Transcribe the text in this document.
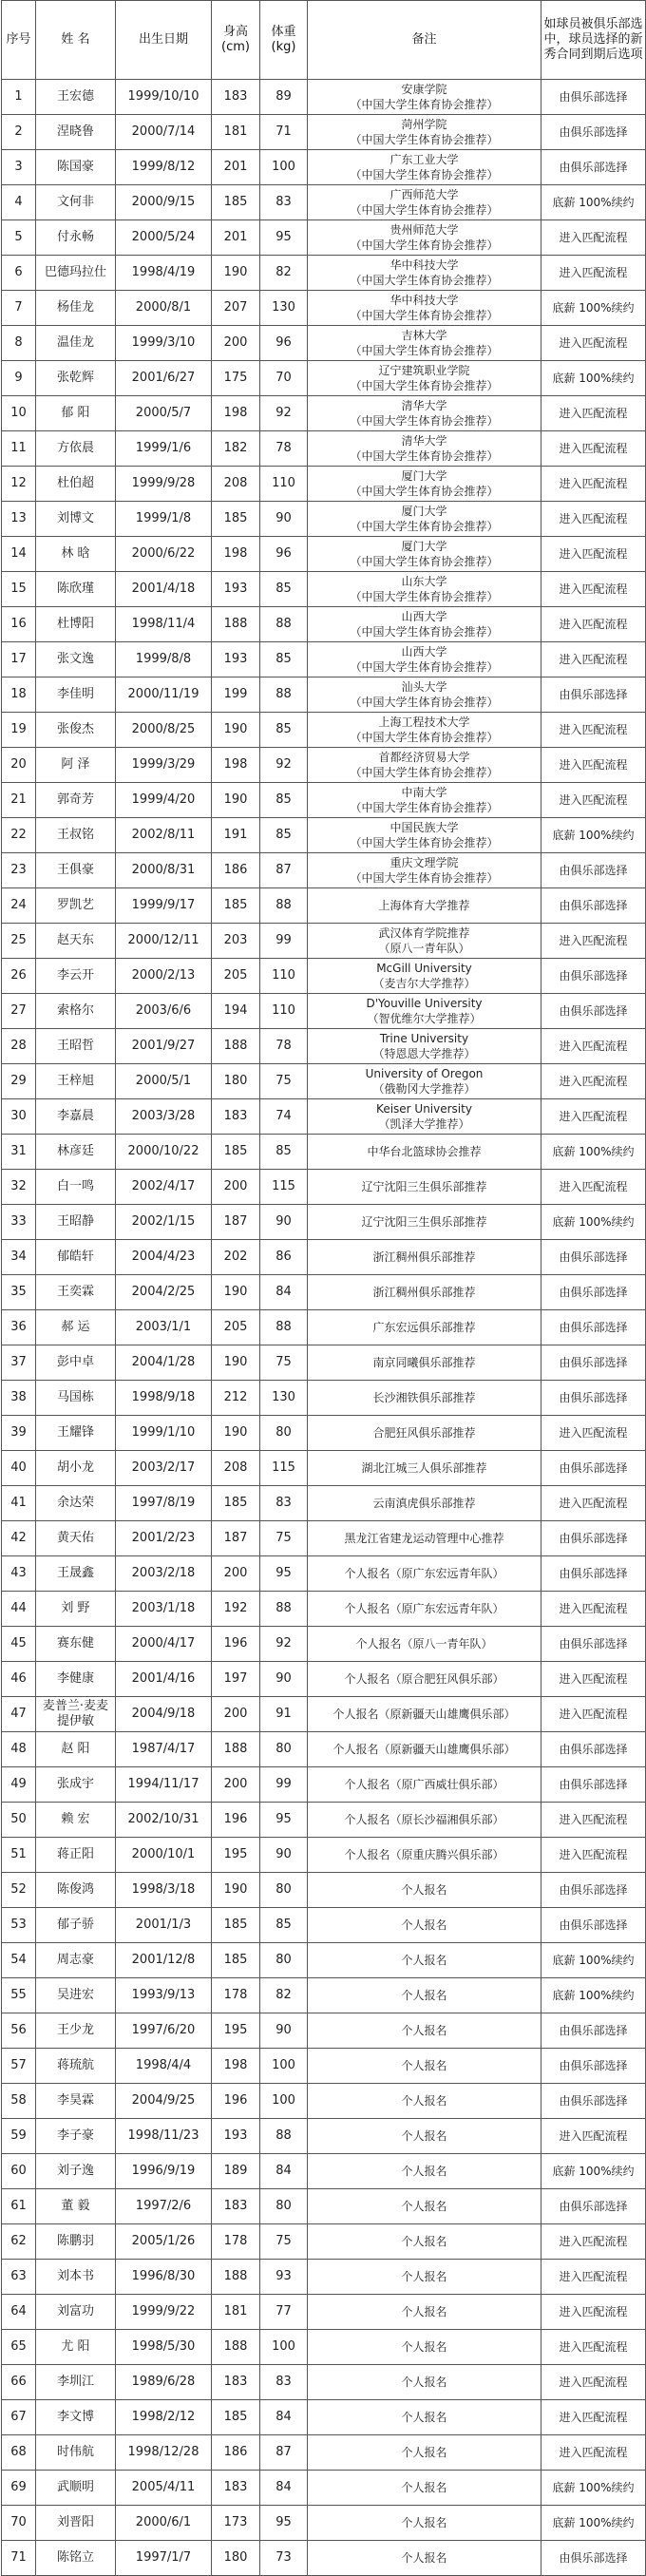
序号	姓 名	出生日期	身高
(cm)	体重
(kg)	备注	如球员被俱乐部选中，球员选择的新秀合同到期后选项
1	王宏德	1999/10/10	183	89	安康学院
（中国大学生体育协会推荐）	由俱乐部选择
2	涅晓鲁	2000/7/14	181	71	菏州学院
（中国大学生体育协会推荐）	由俱乐部选择
3	陈国豪	1999/8/12	201	100	广东工业大学
（中国大学生体育协会推荐）	由俱乐部选择
4	文何非	2000/9/15	185	83	广西师范大学
（中国大学生体育协会推荐）	底薪 100%续约
5	付永畅	2000/5/24	201	95	贵州师范大学
（中国大学生体育协会推荐）	进入匹配流程
6	巴德玛拉仕	1998/4/19	190	82	华中科技大学
（中国大学生体育协会推荐）	进入匹配流程
7	杨佳龙	2000/8/1	207	130	华中科技大学
（中国大学生体育协会推荐）	底薪 100%续约
8	温佳龙	1999/3/10	200	96	吉林大学
（中国大学生体育协会推荐）	进入匹配流程
9	张乾辉	2001/6/27	175	70	辽宁建筑职业学院
（中国大学生体育协会推荐）	底薪 100%续约
10	郁 阳	2000/5/7	198	92	清华大学
（中国大学生体育协会推荐）	进入匹配流程
11	方依晨	1999/1/6	182	78	清华大学
（中国大学生体育协会推荐）	进入匹配流程
12	杜伯超	1999/9/28	208	110	厦门大学
（中国大学生体育协会推荐）	进入匹配流程
13	刘博文	1999/1/8	185	90	厦门大学
（中国大学生体育协会推荐）	进入匹配流程
14	林 晗	2000/6/22	198	96	厦门大学
（中国大学生体育协会推荐）	进入匹配流程
15	陈欣瑾	2001/4/18	193	85	山东大学
（中国大学生体育协会推荐）	进入匹配流程
16	杜博阳	1998/11/4	188	88	山西大学
（中国大学生体育协会推荐）	进入匹配流程
17	张文逸	1999/8/8	193	85	山西大学
（中国大学生体育协会推荐）	进入匹配流程
18	李佳明	2000/11/19	199	88	汕头大学
（中国大学生体育协会推荐）	由俱乐部选择
19	张俊杰	2000/8/25	190	85	上海工程技术大学
（中国大学生体育协会推荐）	进入匹配流程
20	阿 泽	1999/3/29	198	92	首都经济贸易大学
（中国大学生体育协会推荐）	进入匹配流程
21	郭奇芳	1999/4/20	190	85	中南大学
（中国大学生体育协会推荐）	进入匹配流程
22	王叔铭	2002/8/11	191	85	中国民族大学
（中国大学生体育协会推荐）	底薪 100%续约
23	王俱豪	2000/8/31	186	87	重庆文理学院
（中国大学生体育协会推荐）	由俱乐部选择
24	罗凯艺	1999/9/17	185	88	上海体育大学推荐	由俱乐部选择
25	赵天东	2000/12/11	203	99	武汉体育学院推荐
（原八一青年队）	进入匹配流程
26	李云开	2000/2/13	205	110	McGill University
（麦吉尔大学推荐）	由俱乐部选择
27	索格尔	2003/6/6	194	110	D'Youville University
（智优维尔大学推荐）	由俱乐部选择
28	王昭哲	2001/9/27	188	78	Trine University
（特恩恩大学推荐）	进入匹配流程
29	王梓旭	2000/5/1	180	75	University of Oregon
（俄勒冈大学推荐）	进入匹配流程
30	李嘉晨	2003/3/28	183	74	Keiser University
（凯泽大学推荐）	进入匹配流程
31	林彦廷	2000/10/22	185	85	中华台北篮球协会推荐	底薪 100%续约
32	白一鸣	2002/4/17	200	115	辽宁沈阳三生俱乐部推荐	进入匹配流程
33	王昭静	2002/1/15	187	90	辽宁沈阳三生俱乐部推荐	底薪 100%续约
34	郁皓轩	2004/4/23	202	86	浙江稠州俱乐部推荐	由俱乐部选择
35	王奕霖	2004/2/25	190	84	浙江稠州俱乐部推荐	由俱乐部选择
36	郝 运	2003/1/1	205	88	广东宏远俱乐部推荐	由俱乐部选择
37	彭中卓	2004/1/28	190	75	南京同曦俱乐部推荐	由俱乐部选择
38	马国栋	1998/9/18	212	130	长沙湘铁俱乐部推荐	由俱乐部选择
39	王耀锋	1999/1/10	190	80	合肥狂风俱乐部推荐	进入匹配流程
40	胡小龙	2003/2/17	208	115	湖北江城三人俱乐部推荐	由俱乐部选择
41	余达荣	1997/8/19	185	83	云南滇虎俱乐部推荐	进入匹配流程
42	黄天佑	2001/2/23	187	75	黑龙江省建龙运动管理中心推荐	由俱乐部选择
43	王晟鑫	2003/2/18	200	95	个人报名（原广东宏远青年队）	由俱乐部选择
44	刘 野	2003/1/18	192	88	个人报名（原广东宏远青年队）	进入匹配流程
45	赛东健	2000/4/17	196	92	个人报名（原八一青年队）	由俱乐部选择
46	李健康	2001/4/16	197	90	个人报名（原合肥狂风俱乐部）	进入匹配流程
47	麦普兰·麦麦提伊敏	2004/9/18	200	91	个人报名（原新疆天山雄鹰俱乐部）	进入匹配流程
48	赵 阳	1987/4/17	188	80	个人报名（原新疆天山雄鹰俱乐部）	由俱乐部选择
49	张成宇	1994/11/17	200	99	个人报名（原广西威壮俱乐部）	由俱乐部选择
50	赖 宏	2002/10/31	196	95	个人报名（原长沙福湘俱乐部）	进入匹配流程
51	蒋正阳	2000/10/1	195	90	个人报名（原重庆腾兴俱乐部）	进入匹配流程
52	陈俊鸿	1998/3/18	190	80	个人报名	由俱乐部选择
53	郁子骄	2001/1/3	185	85	个人报名	由俱乐部选择
54	周志豪	2001/12/8	185	80	个人报名	底薪 100%续约
55	吴进宏	1993/9/13	178	82	个人报名	底薪 100%续约
56	王少龙	1997/6/20	195	90	个人报名	由俱乐部选择
57	蒋琉航	1998/4/4	198	100	个人报名	由俱乐部选择
58	李昊霖	2004/9/25	196	100	个人报名	由俱乐部选择
59	李子豪	1998/11/23	193	88	个人报名	进入匹配流程
60	刘子逸	1996/9/19	189	84	个人报名	底薪 100%续约
61	董 毅	1997/2/6	183	80	个人报名	由俱乐部选择
62	陈鹏羽	2005/1/26	178	75	个人报名	进入匹配流程
63	刘本书	1996/8/30	188	93	个人报名	进入匹配流程
64	刘富功	1999/9/22	181	77	个人报名	进入匹配流程
65	尤 阳	1998/5/30	188	100	个人报名	进入匹配流程
66	李圳江	1989/6/28	183	83	个人报名	进入匹配流程
67	李文博	1998/2/12	185	84	个人报名	进入匹配流程
68	时伟航	1998/12/28	186	87	个人报名	进入匹配流程
69	武顺明	2005/4/11	183	84	个人报名	底薪 100%续约
70	刘晋阳	2000/6/1	173	95	个人报名	底薪 100%续约
71	陈铭立	1997/1/7	180	73	个人报名	由俱乐部选择
